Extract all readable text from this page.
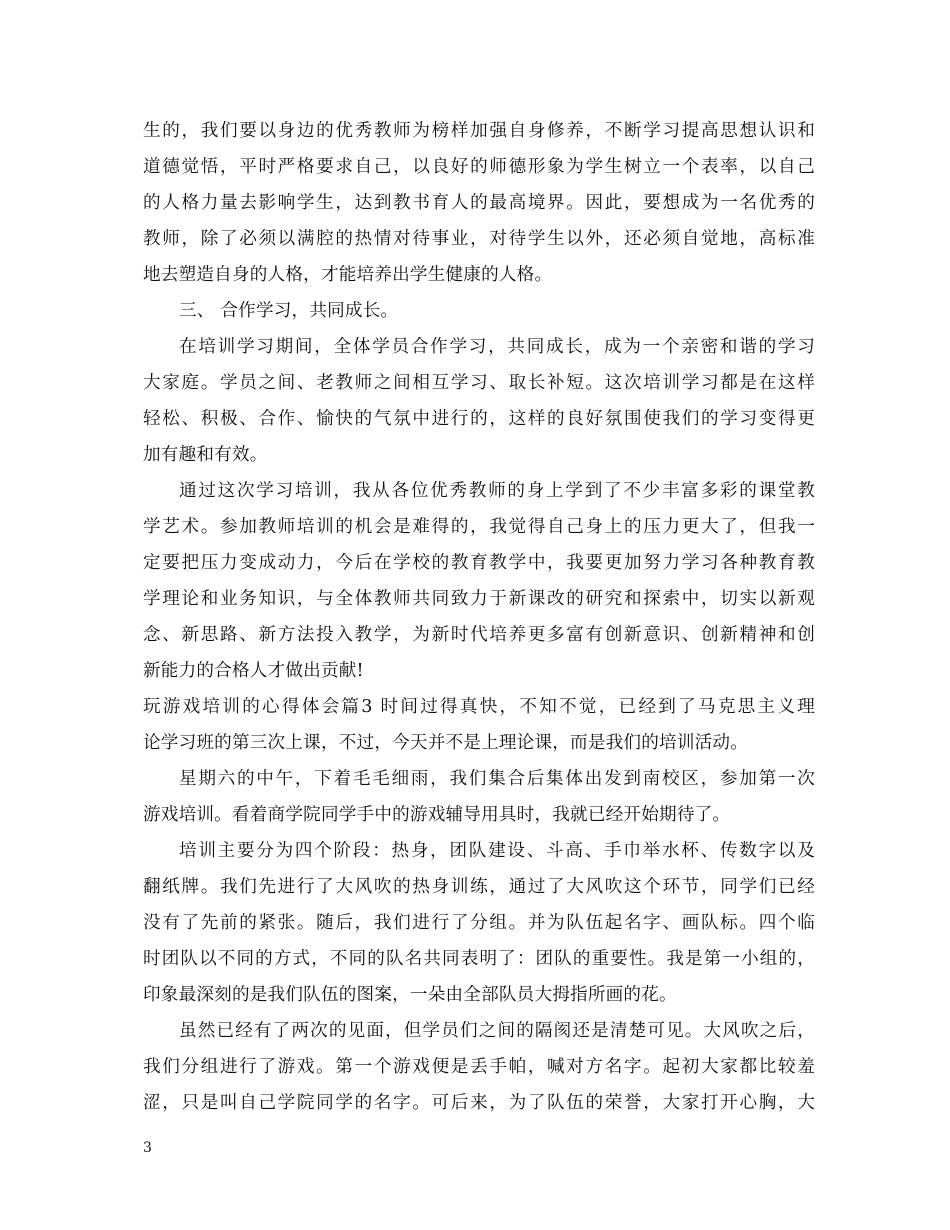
生的，我们要以身边的优秀教师为榜样加强自身修养，不断学习提高思想认识和
道德觉悟，平时严格要求自己，以良好的师德形象为学生树立一个表率，以自己
的人格力量去影响学生，达到教书育人的最高境界。因此，要想成为一名优秀的
教师，除了必须以满腔的热情对待事业，对待学生以外，还必须自觉地，高标准
地去塑造自身的人格，才能培养出学生健康的人格。
三、 合作学习，共同成长。
在培训学习期间，全体学员合作学习，共同成长，成为一个亲密和谐的学习
大家庭。学员之间、老教师之间相互学习、取长补短。这次培训学习都是在这样
轻松、积极、合作、愉快的气氛中进行的，这样的良好氛围使我们的学习变得更
加有趣和有效。
通过这次学习培训，我从各位优秀教师的身上学到了不少丰富多彩的课堂教
学艺术。参加教师培训的机会是难得的，我觉得自己身上的压力更大了，但我一
定要把压力变成动力，今后在学校的教育教学中，我要更加努力学习各种教育教
学理论和业务知识，与全体教师共同致力于新课改的研究和探索中，切实以新观
念、新思路、新方法投入教学，为新时代培养更多富有创新意识、创新精神和创
新能力的合格人才做出贡献!
玩游戏培训的心得体会篇3 时间过得真快，不知不觉，已经到了马克思主义理
论学习班的第三次上课，不过，今天并不是上理论课，而是我们的培训活动。
星期六的中午，下着毛毛细雨，我们集合后集体出发到南校区，参加第一次
游戏培训。看着商学院同学手中的游戏辅导用具时，我就已经开始期待了。
培训主要分为四个阶段：热身，团队建设、斗高、手巾举水杯、传数字以及
翻纸牌。我们先进行了大风吹的热身训练，通过了大风吹这个环节，同学们已经
没有了先前的紧张。随后，我们进行了分组。并为队伍起名字、画队标。四个临
时团队以不同的方式，不同的队名共同表明了：团队的重要性。我是第一小组的，
印象最深刻的是我们队伍的图案，一朵由全部队员大拇指所画的花。
虽然已经有了两次的见面，但学员们之间的隔阂还是清楚可见。大风吹之后，
我们分组进行了游戏。第一个游戏便是丢手帕，喊对方名字。起初大家都比较羞
涩，只是叫自己学院同学的名字。可后来，为了队伍的荣誉，大家打开心胸，大
3
